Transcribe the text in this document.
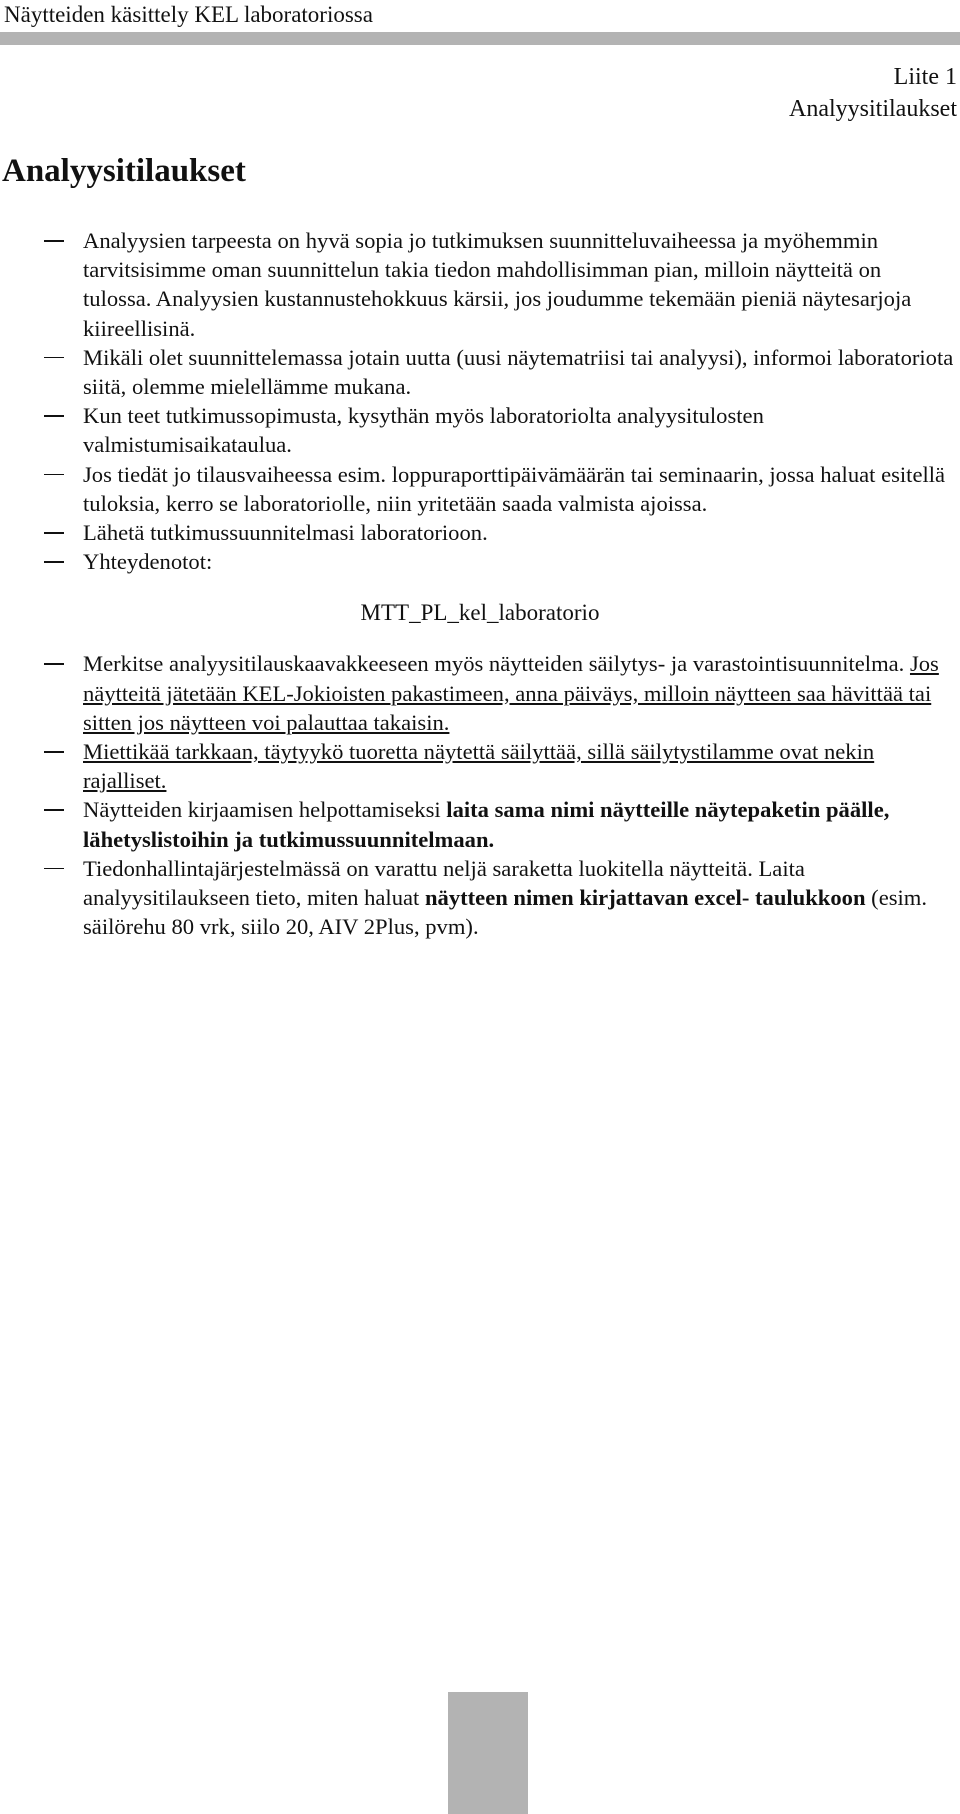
Näytteiden käsittely KEL laboratoriossa
Liite 1
Analyysitilaukset
Analyysitilaukset
Analyysien tarpeesta on hyvä sopia jo tutkimuksen suunnitteluvaiheessa ja myöhemmin tarvitsisimme oman suunnittelun takia tiedon mahdollisimman pian, milloin näytteitä on tulossa. Analyysien kustannustehokkuus kärsii, jos joudumme tekemään pieniä näytesarjoja kiireellisinä.
Mikäli olet suunnittelemassa jotain uutta (uusi näytematriisi tai analyysi), informoi laboratoriota siitä, olemme mielellämme mukana.
Kun teet tutkimussopimusta, kysythän myös laboratoriolta analyysitulosten valmistumisaikataulua.
Jos tiedät jo tilausvaiheessa esim. loppuraporttipäivämäärän tai seminaarin, jossa haluat esitellä tuloksia, kerro se laboratoriolle, niin yritetään saada valmista ajoissa.
Lähetä tutkimussuunnitelmasi laboratorioon.
Yhteydenotot:
MTT_PL_kel_laboratorio
Merkitse analyysitilauskaavakkeeseen myös näytteiden säilytys- ja varastointisuunnitelma. Jos näytteitä jätetään KEL-Jokioisten pakastimeen, anna päiväys, milloin näytteen saa hävittää tai sitten jos näytteen voi palauttaa takaisin.
Miettikää tarkkaan, täytyykö tuoretta näytettä säilyttää, sillä säilytystilamme ovat nekin rajalliset.
Näytteiden kirjaamisen helpottamiseksi laita sama nimi näytteille näytepaketin päälle, lähetyslistoihin ja tutkimussuunnitelmaan.
Tiedonhallintajärjestelmässä on varattu neljä saraketta luokitella näytteitä. Laita analyysitilaukseen tieto, miten haluat näytteen nimen kirjattavan excel- taulukkoon (esim. säilörehu 80 vrk, siilo 20, AIV 2Plus, pvm).
